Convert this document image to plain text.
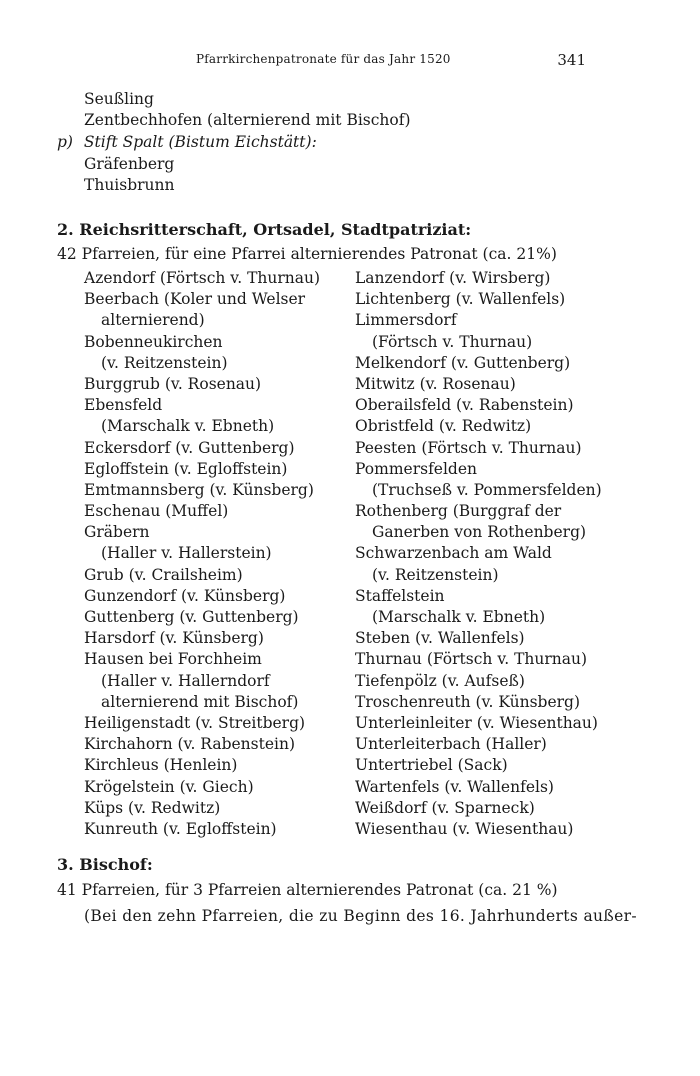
Pfarrkirchenpatronate für das Jahr 1520	341
Seußling
Zentbechhofen (alternierend mit Bischof)
p) Stift Spalt (Bistum Eichstätt):
Gräfenberg
Thuisbrunn
2. Reichsritterschaft, Ortsadel, Stadtpatriziat:
42 Pfarreien, für eine Pfarrei alternierendes Patronat (ca. 21%)
Azendorf (Förtsch v. Thurnau)
Beerbach (Koler und Welser
alternierend)
Bobenneukirchen
(v. Reitzenstein)
Burggrub (v. Rosenau)
Ebensfeld
(Marschalk v. Ebneth)
Eckersdorf (v. Guttenberg)
Egloffstein (v. Egloffstein)
Emtmannsberg (v. Künsberg)
Eschenau (Muffel)
Gräbern
(Haller v. Hallerstein)
Grub (v. Crailsheim)
Gunzendorf (v. Künsberg)
Guttenberg (v. Guttenberg)
Harsdorf (v. Künsberg)
Hausen bei Forchheim
(Haller v. Hallerndorf
alternierend mit Bischof)
Heiligenstadt (v. Streitberg)
Kirchahorn (v. Rabenstein)
Kirchleus (Henlein)
Krögelstein (v. Giech)
Küps (v. Redwitz)
Kunreuth (v. Egloffstein)
Lanzendorf (v. Wirsberg)
Lichtenberg (v. Wallenfels)
Limmersdorf
(Förtsch v. Thurnau)
Melkendorf (v. Guttenberg)
Mitwitz (v. Rosenau)
Oberailsfeld (v. Rabenstein)
Obristfeld (v. Redwitz)
Peesten (Förtsch v. Thurnau)
Pommersfelden
(Truchseß v. Pommersfelden)
Rothenberg (Burggraf der
Ganerben von Rothenberg)
Schwarzenbach am Wald
(v. Reitzenstein)
Staffelstein
(Marschalk v. Ebneth)
Steben (v. Wallenfels)
Thurnau (Förtsch v. Thurnau)
Tiefenpölz (v. Aufseß)
Troschenreuth (v. Künsberg)
Unterleinleiter (v. Wiesenthau)
Unterleiterbach (Haller)
Untertriebel (Sack)
Wartenfels (v. Wallenfels)
Weißdorf (v. Sparneck)
Wiesenthau (v. Wiesenthau)
3. Bischof:
41 Pfarreien, für 3 Pfarreien alternierendes Patronat (ca. 21 %)
(Bei den zehn Pfarreien, die zu Beginn des 16. Jahrhunderts außer-
